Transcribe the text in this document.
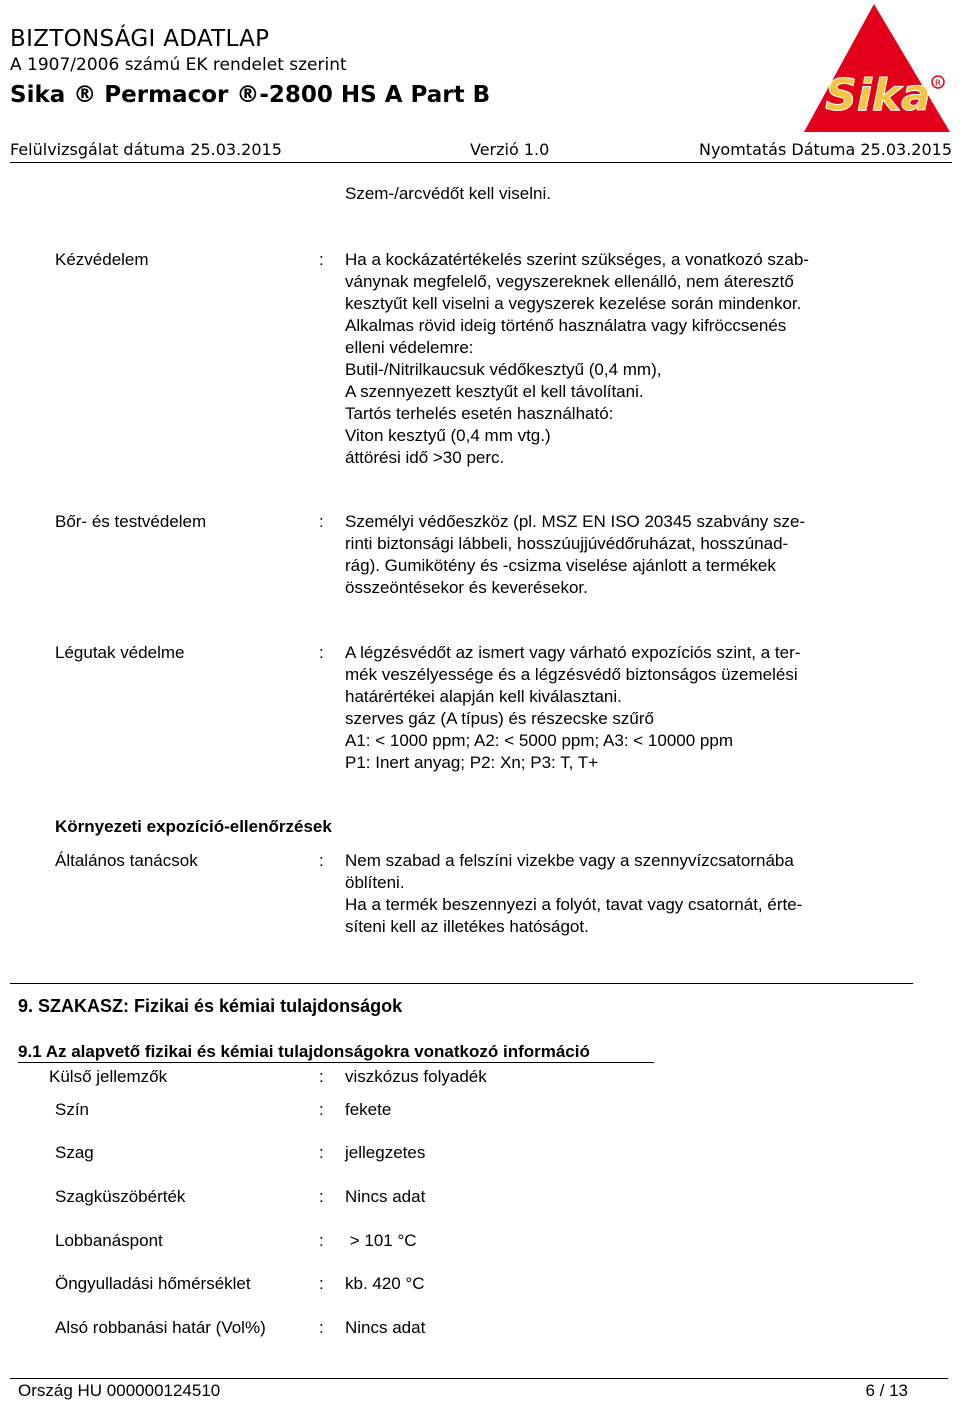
BIZTONSÁGI ADATLAP
A 1907/2006 számú EK rendelet szerint
Sika ® Permacor ®-2800 HS A Part B
Felülvizsgálat dátuma 25.03.2015	Verzió 1.0	Nyomtatás Dátuma 25.03.2015
Sika R
Szem-/arcvédőt kell viselni.
Kézvédelem	: Ha a kockázatértékelés szerint szükséges, a vonatkozó szab-
ványnak megfelelő, vegyszereknek ellenálló, nem áteresztő
kesztyűt kell viselni a vegyszerek kezelése során mindenkor.
Alkalmas rövid ideig történő használatra vagy kifröccsenés
elleni védelemre:
Butil-/Nitrilkaucsuk védőkesztyű (0,4 mm),
A szennyezett kesztyűt el kell távolítani.
Tartós terhelés esetén használható:
Viton kesztyű (0,4 mm vtg.)
áttörési idő >30 perc.
Bőr- és testvédelem	: Személyi védőeszköz (pl. MSZ EN ISO 20345 szabvány sze-
rinti biztonsági lábbeli, hosszúujjúvédőruházat, hosszúnad-
rág). Gumikötény és -csizma viselése ajánlott a termékek
összeöntésekor és keverésekor.
Légutak védelme	: A légzésvédőt az ismert vagy várható expozíciós szint, a ter-
mék veszélyessége és a légzésvédő biztonságos üzemelési
határértékei alapján kell kiválasztani.
szerves gáz (A típus) és részecske szűrő
A1: < 1000 ppm; A2: < 5000 ppm; A3: < 10000 ppm
P1: Inert anyag; P2: Xn; P3: T, T+
Környezeti expozíció-ellenőrzések
Általános tanácsok	: Nem szabad a felszíni vizekbe vagy a szennyvízcsatornába
öblíteni.
Ha a termék beszennyezi a folyót, tavat vagy csatornát, érte-
síteni kell az illetékes hatóságot.
9. SZAKASZ: Fizikai és kémiai tulajdonságok
9.1 Az alapvető fizikai és kémiai tulajdonságokra vonatkozó információ
Külső jellemzők	: viszkózus folyadék
Szín	: fekete
Szag	: jellegzetes
Szagküszöbérték	: Nincs adat
Lobbanáspont	: > 101 °C
Öngyulladási hőmérséklet	: kb. 420 °C
Alsó robbanási határ (Vol%)	: Nincs adat
Ország HU 000000124510	6 / 13
